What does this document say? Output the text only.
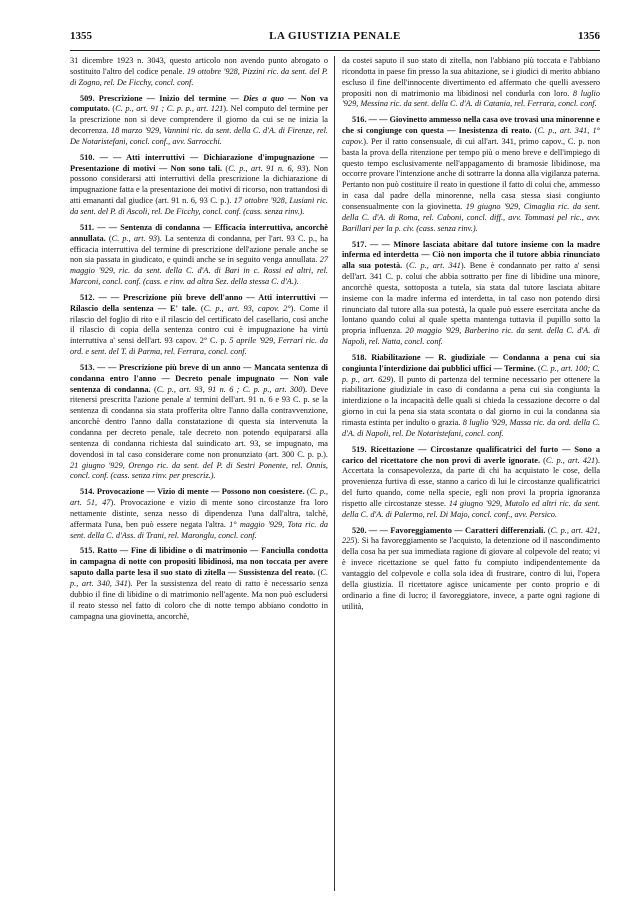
1355	LA GIUSTIZIA PENALE	1356

31 dicembre 1923 n. 3043, questo articolo non avendo punto abrogato o sostituito l'altro del codice penale. 19 ottobre '928, Pizzini ric. da sent. del P. di Zogno, rel. De Ficchy, concl. conf.

509. Prescrizione — Inizio del termine — Dies a quo — Non va computato. (C. p., art. 91 ; C. p. p., art. 121). Nel computo del termine per la prescrizione non si deve comprendere il giorno da cui se ne inizia la decorrenza. 18 marzo '929, Vannini ric. da sent. della C. d'A. di Firenze, rel. De Notaristefani, concl. conf., avv. Sarrocchi.

510. — — Atti interruttivi — Dichiarazione d'impugnazione — Presentazione di motivi — Non sono tali. (C. p., art. 91 n. 6, 93). Non possono considerarsi atti interruttivi della prescrizione la dichiarazione di impugnazione fatta e la presentazione dei motivi di ricorso, non trattandosi di atti emananti dal giudice (art. 91 n. 6, 93 C. p.). 17 ottobre '928, Lusiani ric. da sent. del P. di Ascoli, rel. De Ficchy, concl. conf. (cass. senza rinv.).

511. — — Sentenza di condanna — Efficacia interruttiva, ancorchè annullata. (C. p., art. 93). La sentenza di condanna, per l'art. 93 C. p., ha efficacia interruttiva del termine di prescrizione dell'azione penale anche se non sia passata in giudicato, e quindi anche se in seguito venga annullata. 27 maggio '929, ric. da sent. della C. d'A. di Bari in c. Rossi ed altri, rel. Marconi, concl. conf. (cass. e rinv. ad altra Sez. della stessa C. d'A.).

512. — — Prescrizione più breve dell'anno — Atti interruttivi — Rilascio della sentenza — E' tale. (C. p., art. 93, capov. 2°). Come il rilascio del foglio di rito e il rilascio del certificato del casellario, così anche il rilascio di copia della sentenza contro cui è impugnazione ha virtù interruttiva a' sensi dell'art. 93 capov. 2° C. p. 5 aprile '929, Ferrari ric. da ord. e sent. del T. di Parma, rel. Ferrara, concl. conf.

513. — — Prescrizione più breve di un anno — Mancata sentenza di condanna entro l'anno — Decreto penale impugnato — Non vale sentenza di condanna. (C. p., art. 93, 91 n. 6 ; C. p. p., art. 300). Deve ritenersi prescritta l'azione penale a' termini dell'art. 91 n. 6 e 93 C. p. se la sentenza di condanna sia stata profferita oltre l'anno dalla contravvenzione, ancorchè dentro l'anno dalla constatazione di questa sia intervenuta la condanna per decreto penale, tale decreto non potendo equipararsi alla sentenza di condanna richiesta dal suindicato art. 93, se impugnato, ma dovendosi in tal caso considerare come non pronunziato (art. 300 C. p. p.). 21 giugno '929, Orengo ric. da sent. del P. di Sestri Ponente, rel. Onnis, concl. conf. (cass. senza rinv. per prescriz.).

514. Provocazione — Vizio di mente — Possono non coesistere. (C. p., art. 51, 47). Provocazione e vizio di mente sono circostanze fra loro nettamente distinte, senza nesso di dipendenza l'una dall'altra, talchè, affermata l'una, ben può essere negata l'altra. 1° maggio '929, Tota ric. da sent. della C. d'Ass. di Trani, rel. Maronglu, concl. conf.

515. Ratto — Fine di libidine o di matrimonio — Fanciulla condotta in campagna di notte con propositi libidinosi, ma non toccata per avere saputo dalla parte lesa il suo stato di zitella — Sussistenza del reato. (C. p., art. 340, 341). Per la sussistenza del reato di ratto è necessario senza dubbio il fine di libidine o di matrimonio nell'agente. Ma non può escludersi il reato stesso nel fatto di coloro che di notte tempo abbiano condotto in campagna una giovinetta, ancorchè,

da costei saputo il suo stato di zitella, non l'abbiano più toccata e l'abbiano ricondotta in paese fin presso la sua abitazione, se i giudici di merito abbiano escluso il fine dell'innocente divertimento ed affermato che quelli avessero propositi non di matrimonio ma libidinosi nel condurla con loro. 8 luglio '929, Messina ric. da sent. della C. d'A. di Catania, rel. Ferrara, concl. conf.

516. — — Giovinetto ammesso nella casa ove trovasi una minorenne e che si congiunge con questa — Inesistenza di reato. (C. p., art. 341, 1° capov.). Per il ratto consensuale, di cui all'art. 341, primo capov., C. p. non basta la prova della ritenzione per tempo più o meno breve e dell'impiego di questo tempo esclusivamente nell'appagamento di bramosie libidinose, ma occorre provare l'intenzione anche di sottrarre la donna alla vigilanza paterna. Pertanto non può costituire il reato in questione il fatto di colui che, ammesso in casa dal padre della minorenne, nella casa stessa siasi congiunto consensualmente con la giovinetta. 19 giugno '929, Cimaglia ric. da sent. della C. d'A. di Roma, rel. Caboni, concl. diff., avv. Tommasi pel ric., avv. Barillari per la p. civ. (cass. senza rinv.).

517. — — Minore lasciata abitare dal tutore insieme con la madre inferma ed interdetta — Ciò non importa che il tutore abbia rinunciato alla sua potestà. (C. p., art. 341). Bene è condannato per ratto a' sensi dell'art. 341 C. p. colui che abbia sottratto per fine di libidine una minore, ancorchè questa, sottoposta a tutela, sia stata dal tutore lasciata abitare insieme con la madre inferma ed interdetta, in tal caso non potendo dirsi rinunciato dal tutore alla sua potestà, la quale può essere esercitata anche da lontano quando colui al quale spetta mantenga tuttavia il pupillo sotto la propria influenza. 20 maggio '929, Barberino ric. da sent. della C. d'A. di Napoli, rel. Natta, concl. conf.

518. Riabilitazione — R. giudiziale — Condanna a pena cui sia congiunta l'interdizione dai pubblici uffici — Termine. (C. p., art. 100; C. p. p., art. 629). Il punto di partenza del termine necessario per ottenere la riabilitazione giudiziale in caso di condanna a pena cui sia congiunta la interdizione o la incapacità delle quali si chieda la cessazione decorre o dal giorno in cui la pena sia stata scontata o dal giorno in cui la condanna sia rimasta estinta per indulto o grazia. 8 luglio '929, Massa ric. da ord. della C. d'A. di Napoli, rel. De Notaristefani, concl. conf.

519. Ricettazione — Circostanze qualificatrici del furto — Sono a carico del ricettatore che non provi di averle ignorate. (C. p., art. 421). Accertata la consapevolezza, da parte di chi ha acquistato le cose, della provenienza furtiva di esse, stanno a carico di lui le circostanze qualificatrici del furto quando, come nella specie, egli non provi la propria ignoranza rispetto alle circostanze stesse. 14 giugno '929, Mutolo ed altri ric. da sent. della C. d'A. di Palermo, rel. Di Majo, concl. conf., avv. Persico.

520. — — Favoreggiamento — Caratteri differenziali. (C. p., art. 421, 225). Si ha favoreggiamento se l'acquisto, la detenzione od il nascondimento della cosa ha per sua immediata ragione di giovare al colpevole del reato; vi è invece ricettazione se quel fatto fu compiuto indipendentemente da vantaggio del colpevole e colla sola idea di frustrare, contro di lui, l'opera della giustizia. Il ricettatore agisce unicamente per conto proprio e di ordinario a fine di lucro; il favoreggiatore, invece, a parte ogni ragione di utilità,
